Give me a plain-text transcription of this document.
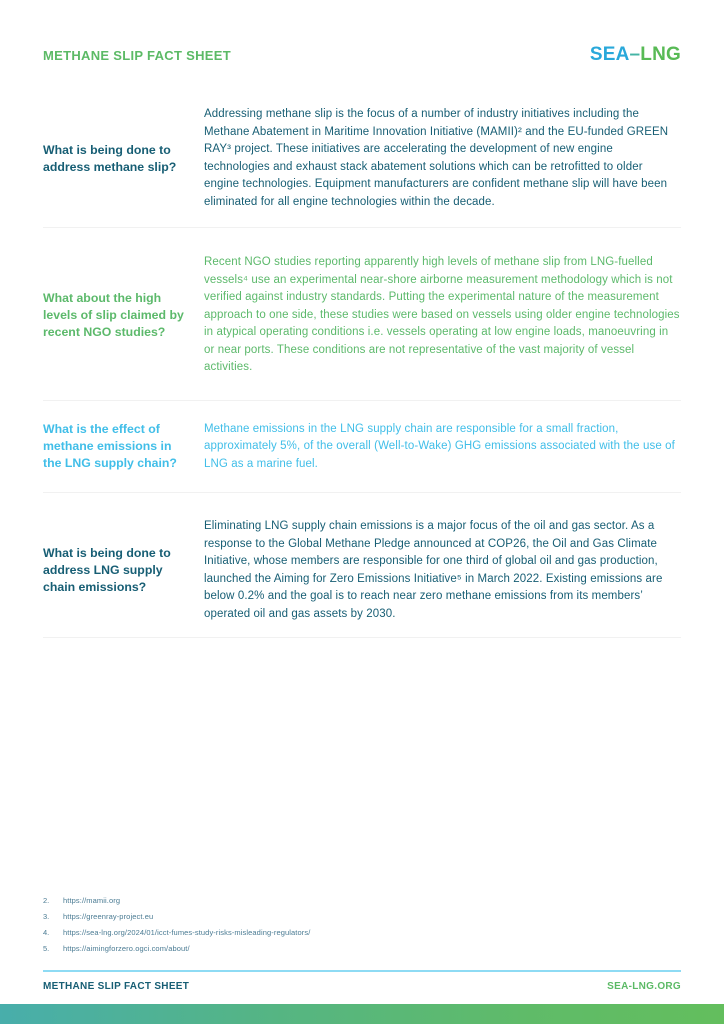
METHANE SLIP FACT SHEET	SEA–LNG
What is being done to address methane slip?
Addressing methane slip is the focus of a number of industry initiatives including the Methane Abatement in Maritime Innovation Initiative (MAMII)² and the EU-funded GREEN RAY³ project. These initiatives are accelerating the development of new engine technologies and exhaust stack abatement solutions which can be retrofitted to older engine technologies. Equipment manufacturers are confident methane slip will have been eliminated for all engine technologies within the decade.
What about the high levels of slip claimed by recent NGO studies?
Recent NGO studies reporting apparently high levels of methane slip from LNG-fuelled vessels⁴ use an experimental near-shore airborne measurement methodology which is not verified against industry standards. Putting the experimental nature of the measurement approach to one side, these studies were based on vessels using older engine technologies in atypical operating conditions i.e. vessels operating at low engine loads, manoeuvring in or near ports. These conditions are not representative of the vast majority of vessel activities.
What is the effect of methane emissions in the LNG supply chain?
Methane emissions in the LNG supply chain are responsible for a small fraction, approximately 5%, of the overall (Well-to-Wake) GHG emissions associated with the use of LNG as a marine fuel.
What is being done to address LNG supply chain emissions?
Eliminating LNG supply chain emissions is a major focus of the oil and gas sector. As a response to the Global Methane Pledge announced at COP26, the Oil and Gas Climate Initiative, whose members are responsible for one third of global oil and gas production, launched the Aiming for Zero Emissions Initiative⁵ in March 2022. Existing emissions are below 0.2% and the goal is to reach near zero methane emissions from its members’ operated oil and gas assets by 2030.
2.	https://mamii.org
3.	https://greenray-project.eu
4.	https://sea-lng.org/2024/01/icct-fumes-study-risks-misleading-regulators/
5.	https://aimingforzero.ogci.com/about/
METHANE SLIP FACT SHEET	SEA-LNG.ORG
